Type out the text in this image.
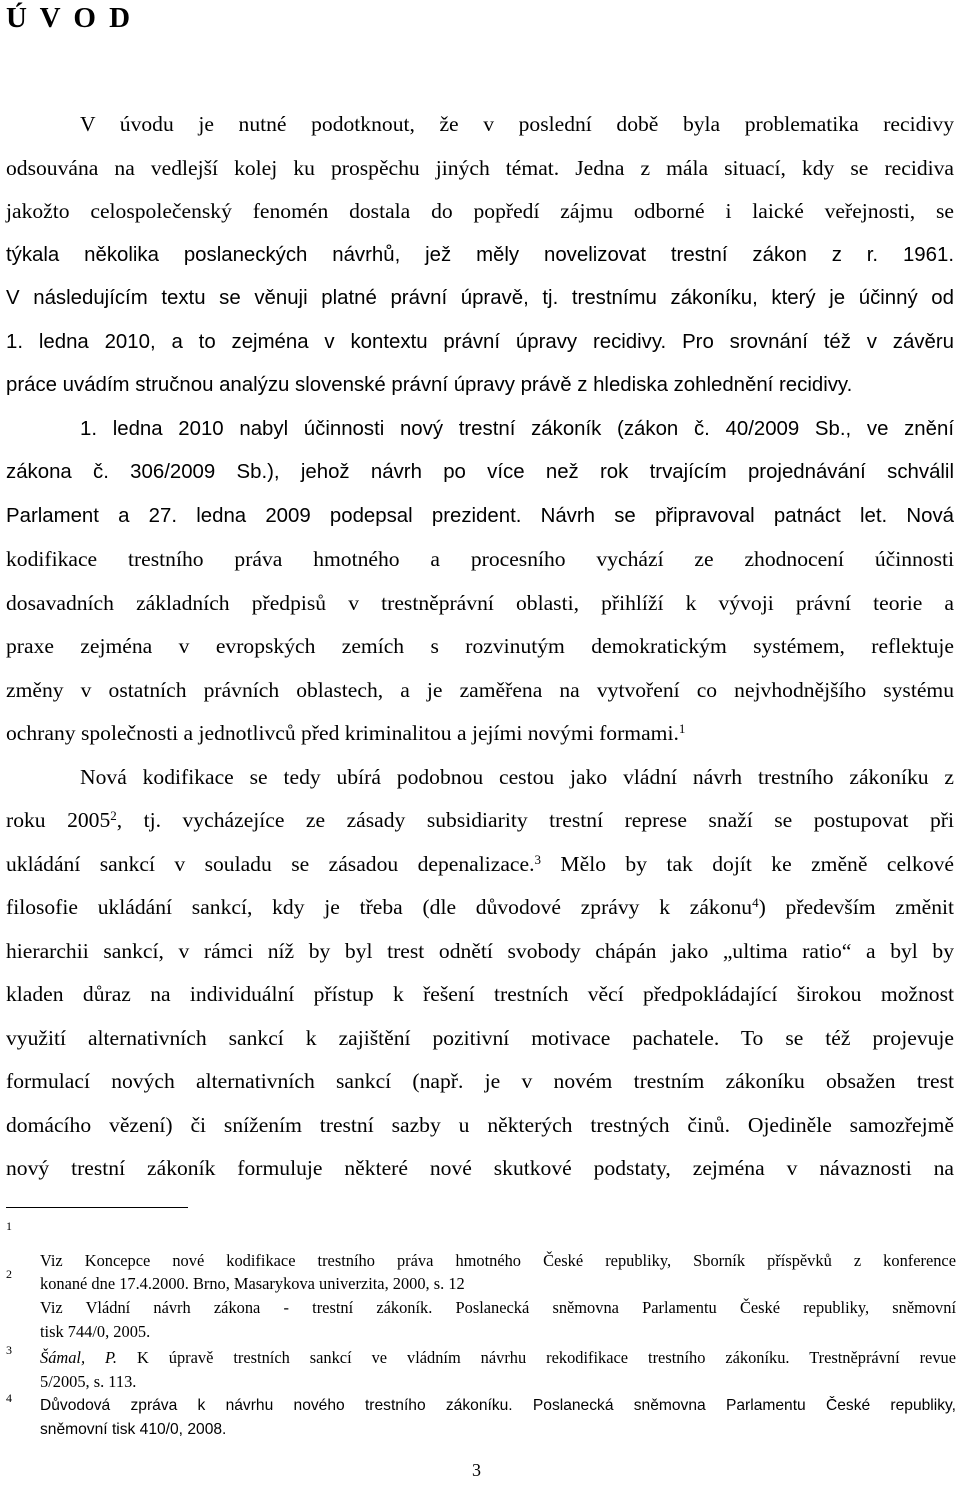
Ú V O D
V úvodu je nutné podotknout, že v poslední době byla problematika recidivy
odsouvána na vedlejší kolej ku prospěchu jiných témat. Jedna z mála situací, kdy se recidiva
jakožto celospolečenský fenomén dostala do popředí zájmu odborné i laické veřejnosti, se
týkala několika poslaneckých návrhů, jež měly novelizovat trestní zákon z r. 1961.
V následujícím textu se věnuji platné právní úpravě, tj. trestnímu zákoníku, který je účinný od
1. ledna 2010, a to zejména v kontextu právní úpravy recidivy. Pro srovnání též v závěru
práce uvádím stručnou analýzu slovenské právní úpravy právě z hlediska zohlednění recidivy.
1. ledna 2010 nabyl účinnosti nový trestní zákoník (zákon č. 40/2009 Sb., ve znění
zákona č. 306/2009 Sb.), jehož návrh po více než rok trvajícím projednávání schválil
Parlament a 27. ledna 2009 podepsal prezident. Návrh se připravoval patnáct let. Nová
kodifikace trestního práva hmotného a procesního vychází ze zhodnocení účinnosti
dosavadních základních předpisů v trestněprávní oblasti, přihlíží k vývoji právní teorie a
praxe zejména v evropských zemích s rozvinutým demokratickým systémem, reflektuje
změny v ostatních právních oblastech, a je zaměřena na vytvoření co nejvhodnějšího systému
ochrany společnosti a jednotlivců před kriminalitou a jejími novými formami.$^1$
Nová kodifikace se tedy ubírá podobnou cestou jako vládní návrh trestního zákoníku z
roku 2005$^2$, tj. vycházejíce ze zásady subsidiarity trestní represe snaží se postupovat při
ukládání sankcí v souladu se zásadou depenalizace.$^3$ Mělo by tak dojít ke změně celkové
filosofie ukládání sankcí, kdy je třeba (dle důvodové zprávy k zákonu$^4$) především změnit
hierarchii sankcí, v rámci níž by byl trest odnětí svobody chápán jako „ultima ratio“ a byl by
kladen důraz na individuální přístup k řešení trestních věcí předpokládající širokou možnost
využití alternativních sankcí k zajištění pozitivní motivace pachatele. To se též projevuje
formulací nových alternativních sankcí (např. je v novém trestním zákoníku obsažen trest
domácího vězení) či snížením trestní sazby u některých trestných činů. Ojediněle samozřejmě
nový trestní zákoník formuluje některé nové skutkové podstaty, zejména v návaznosti na
1
Viz Koncepce nové kodifikace trestního práva hmotného České republiky, Sborník příspěvků z konference
konané dne 17.4.2000. Brno, Masarykova univerzita, 2000, s. 12
2
Viz Vládní návrh zákona - trestní zákoník. Poslanecká sněmovna Parlamentu České republiky, sněmovní
tisk 744/0, 2005.
3 Šámal, P. K úpravě trestních sankcí ve vládním návrhu rekodifikace trestního zákoníku. Trestněprávní revue
5/2005, s. 113.
4 Důvodová zpráva k návrhu nového trestního zákoníku. Poslanecká sněmovna Parlamentu České republiky,
sněmovní tisk 410/0, 2008.
3
